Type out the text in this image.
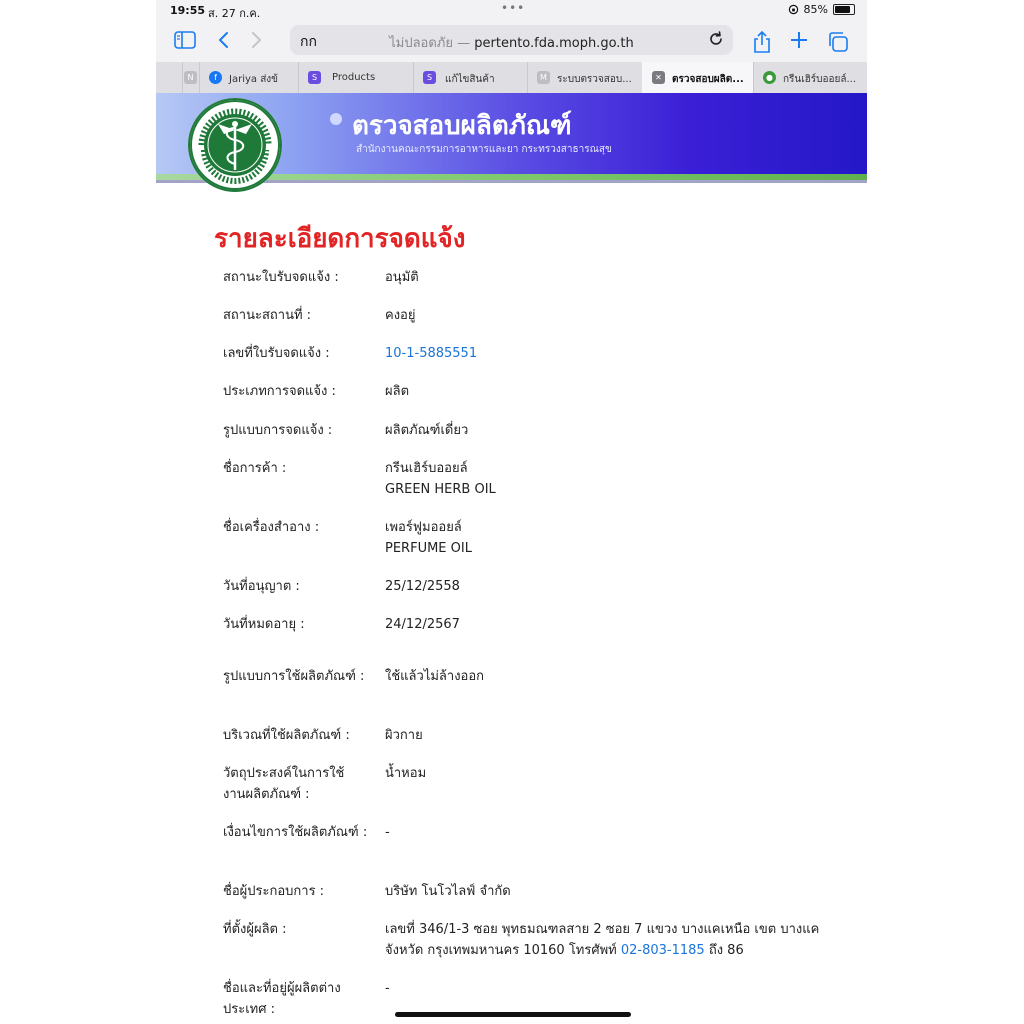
19:55 ส. 27 ก.ค.	•••	85%
กก	ไม่ปลอดภัย — pertento.fda.moph.go.th
N	f	Jariya ส่งข้	S	Products	S	แก้ไขสินค้า	M	ระบบตรวจสอบ...	✕	ตรวจสอบผลิต...	●	กรีนเฮิร์บออยล์...
ตรวจสอบผลิตภัณฑ์
สำนักงานคณะกรรมการอาหารและยา กระทรวงสาธารณสุข
รายละเอียดการจดแจ้ง
สถานะใบรับจดแจ้ง :	อนุมัติ
สถานะสถานที่ :	คงอยู่
เลขที่ใบรับจดแจ้ง :	10-1-5885551
ประเภทการจดแจ้ง :	ผลิต
รูปแบบการจดแจ้ง :	ผลิตภัณฑ์เดี่ยว
ชื่อการค้า :	กรีนเฮิร์บออยล์
GREEN HERB OIL
ชื่อเครื่องสำอาง :	เพอร์ฟูมออยล์
PERFUME OIL
วันที่อนุญาต :	25/12/2558
วันที่หมดอายุ :	24/12/2567
รูปแบบการใช้ผลิตภัณฑ์ : ใช้แล้วไม่ล้างออก
บริเวณที่ใช้ผลิตภัณฑ์ :	ผิวกาย
วัตถุประสงค์ในการใช้งานผลิตภัณฑ์ :
น้ำหอม
เงื่อนไขการใช้ผลิตภัณฑ์ : -
ชื่อผู้ประกอบการ :	บริษัท โนโวไลฟ์ จำกัด
ที่ตั้งผู้ผลิต :	เลขที่ 346/1-3 ซอย พุทธมณฑลสาย 2 ซอย 7 แขวง บางแคเหนือ เขต บางแค จังหวัด กรุงเทพมหานคร 10160 โทรศัพท์ 02-803-1185 ถึง 86
ชื่อและที่อยู่ผู้ผลิตต่างประเทศ :
-
